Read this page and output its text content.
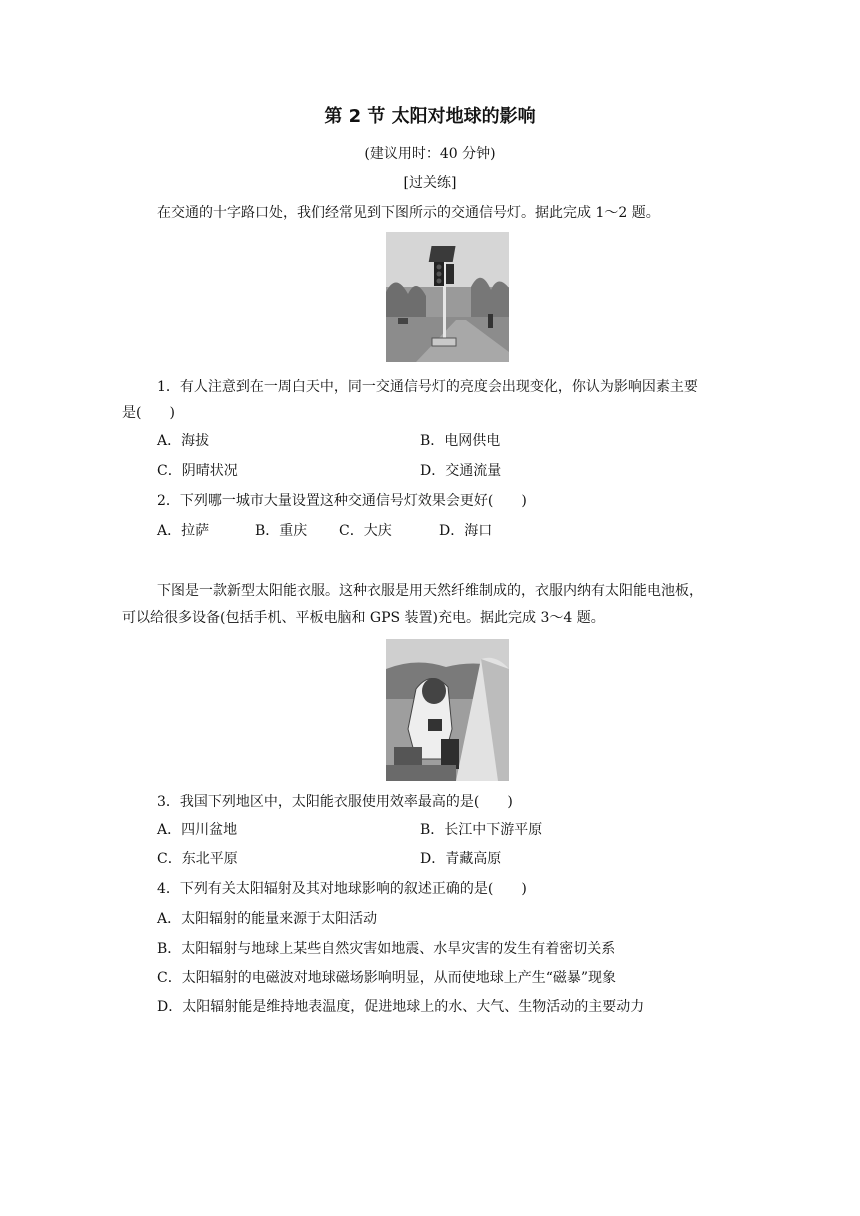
第 2 节 太阳对地球的影响
(建议用时：40 分钟)
[过关练]
在交通的十字路口处，我们经常见到下图所示的交通信号灯。据此完成 1～2 题。
1．有人注意到在一周白天中，同一交通信号灯的亮度会出现变化，你认为影响因素主要
是(　　)
A．海拔	B．电网供电
C．阴晴状况	D．交通流量
2．下列哪一城市大量设置这种交通信号灯效果会更好(　　)
A．拉萨	B．重庆 C．大庆	D．海口
下图是一款新型太阳能衣服。这种衣服是用天然纤维制成的，衣服内纳有太阳能电池板，
可以给很多设备(包括手机、平板电脑和 GPS 装置)充电。据此完成 3～4 题。
3．我国下列地区中，太阳能衣服使用效率最高的是(　　)
A．四川盆地	B．长江中下游平原
C．东北平原	D．青藏高原
4．下列有关太阳辐射及其对地球影响的叙述正确的是(　　)
A．太阳辐射的能量来源于太阳活动
B．太阳辐射与地球上某些自然灾害如地震、水旱灾害的发生有着密切关系
C．太阳辐射的电磁波对地球磁场影响明显，从而使地球上产生“磁暴”现象
D．太阳辐射能是维持地表温度，促进地球上的水、大气、生物活动的主要动力
